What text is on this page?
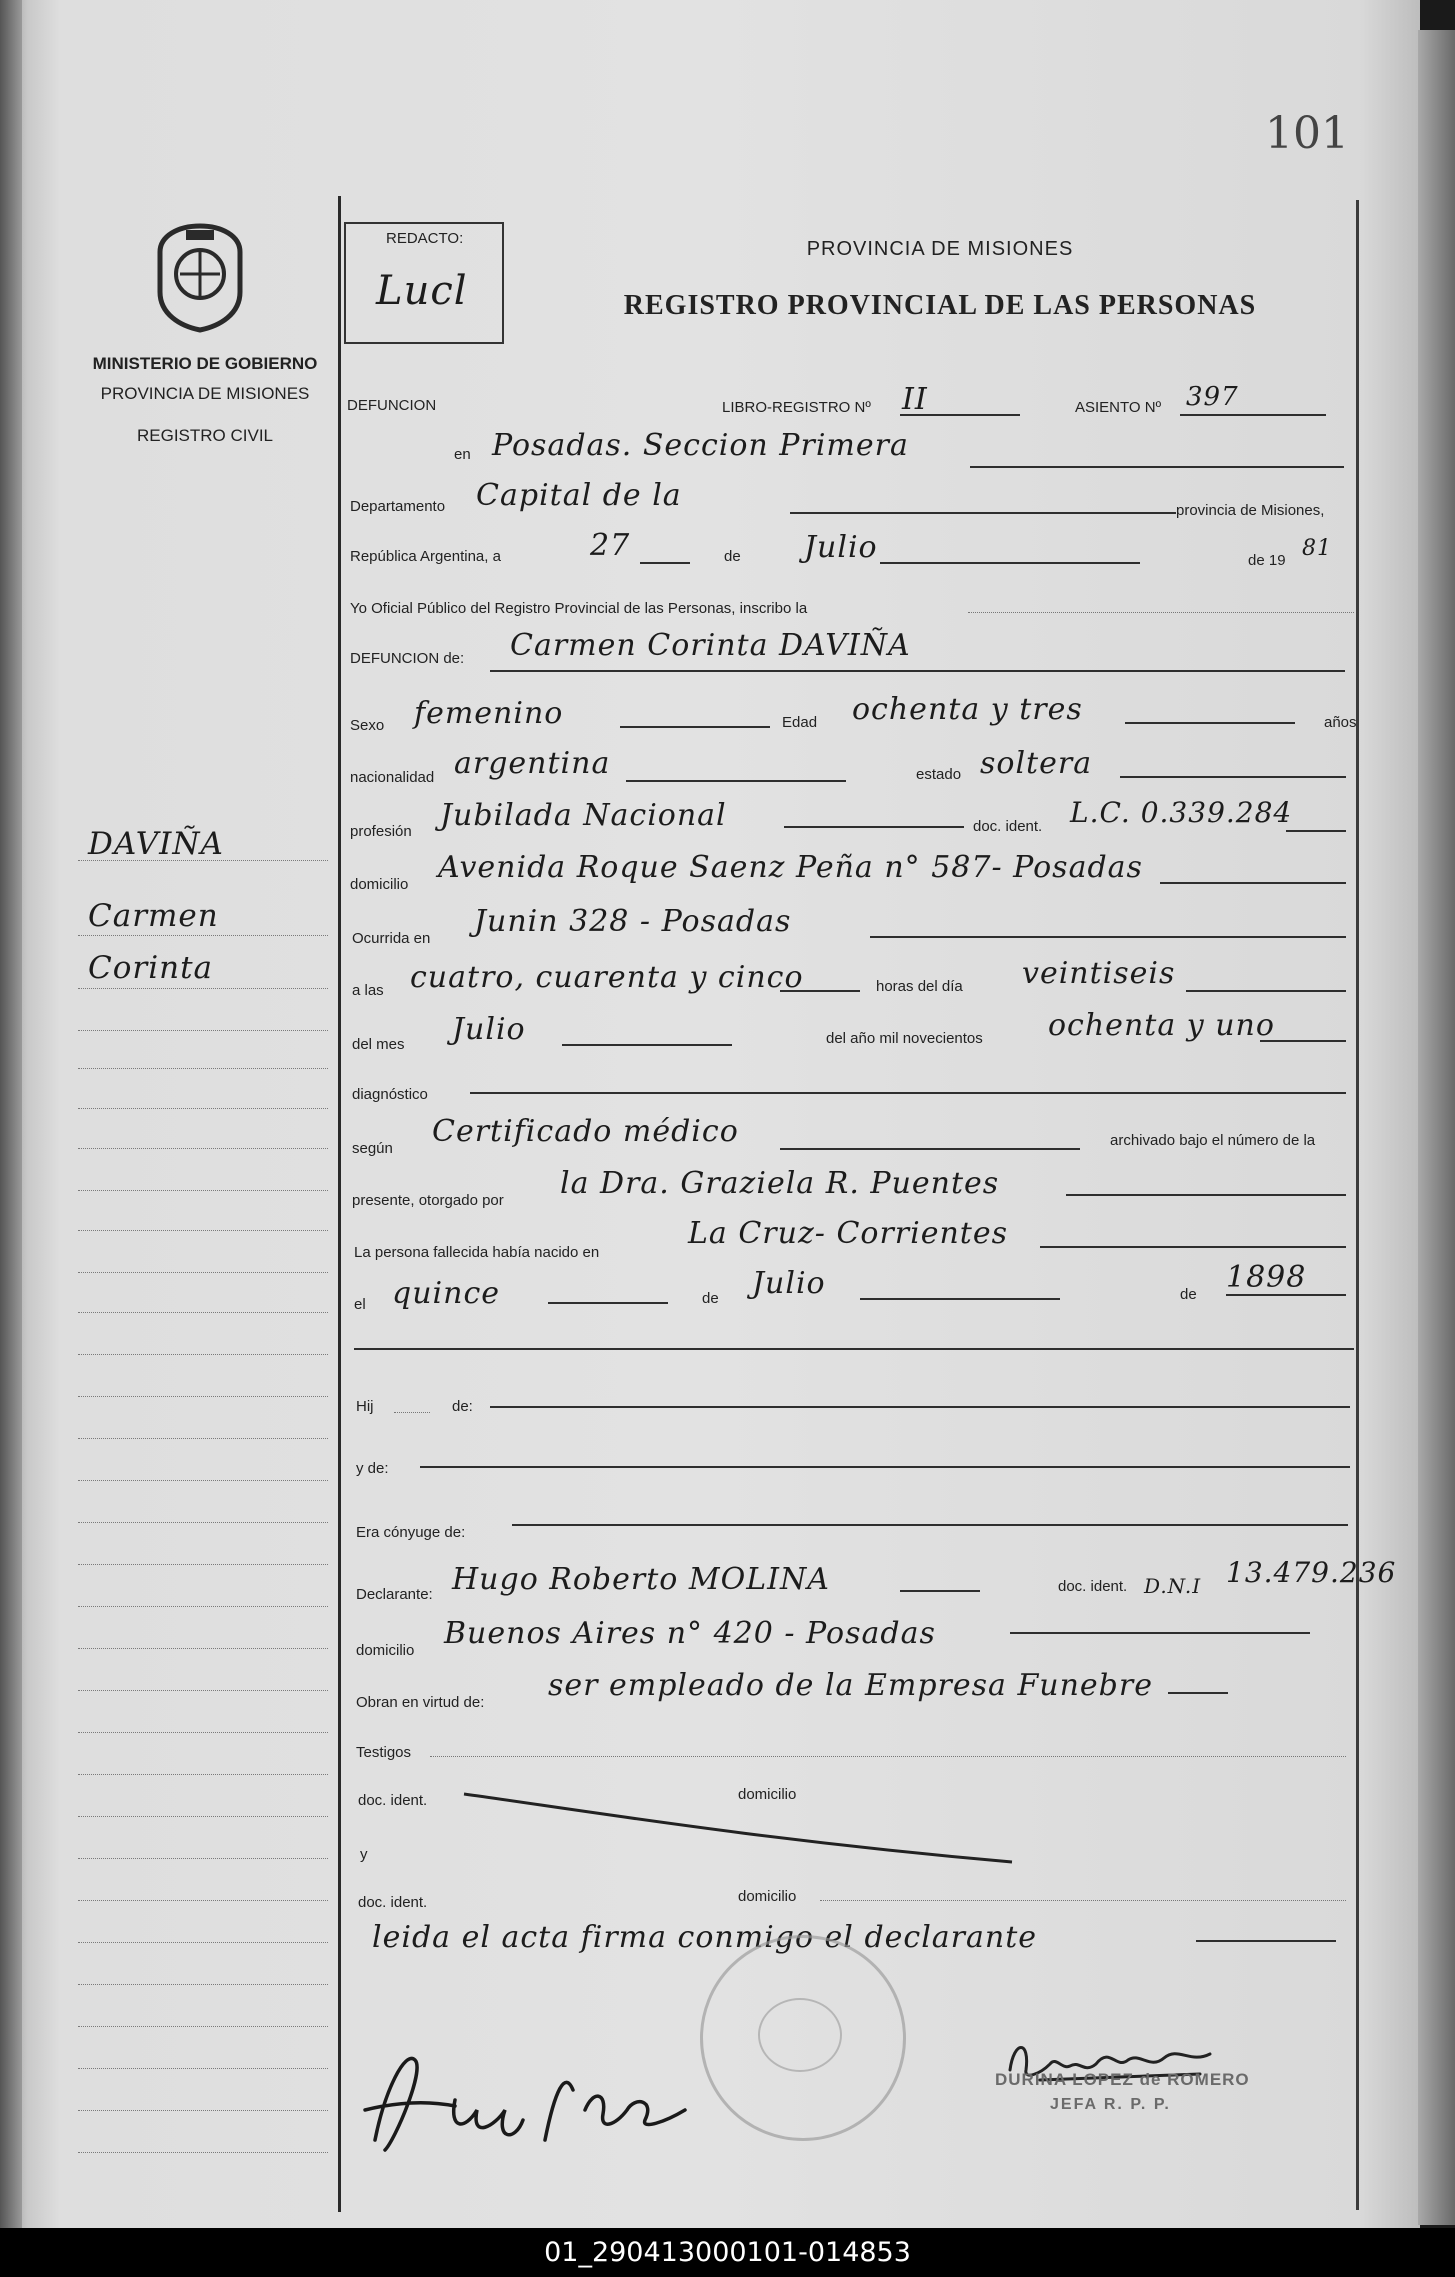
101
MINISTERIO DE GOBIERNO
PROVINCIA DE MISIONES
REGISTRO CIVIL
DAVIÑA
Carmen
Corinta
REDACTO:
Lucl
PROVINCIA DE MISIONES
REGISTRO PROVINCIAL DE LAS PERSONAS
DEFUNCION	LIBRO-REGISTRO Nº II	ASIENTO Nº 397
en Posadas. Seccion Primera
Departamento Capital de la	provincia de Misiones,
República Argentina, a	27	de Julio	de 19 81
Yo Oficial Público del Registro Provincial de las Personas, inscribo la
DEFUNCION de: Carmen Corinta DAVIÑA
Sexo femenino	Edad ochenta y tres	años
nacionalidad argentina	estado soltera
profesión Jubilada Nacional	doc. ident. L.C. 0.339.284
domicilio Avenida Roque Saenz Peña n° 587- Posadas
Ocurrida en Junin 328 - Posadas
a las cuatro, cuarenta y cinco	horas del día veintiseis
del mes Julio	del año mil novecientos ochenta y uno
diagnóstico
según Certificado médico	archivado bajo el número de la
presente, otorgado por la Dra. Graziela R. Puentes
La persona fallecida había nacido en
La Cruz- Corrientes
el quince	de Julio	de 1898
Hij	de:
y de:
Era cónyuge de:
Declarante: Hugo Roberto MOLINA	doc. ident. D.N.I 13.479.236
domicilio Buenos Aires n° 420 - Posadas
Obran en virtud de: ser empleado de la Empresa Funebre
Testigos
doc. ident.	domicilio
y
doc. ident.	domicilio
leida el acta firma conmigo el declarante
DURINA LOPEZ de ROMERO
JEFA R. P. P.
01_290413000101-014853
